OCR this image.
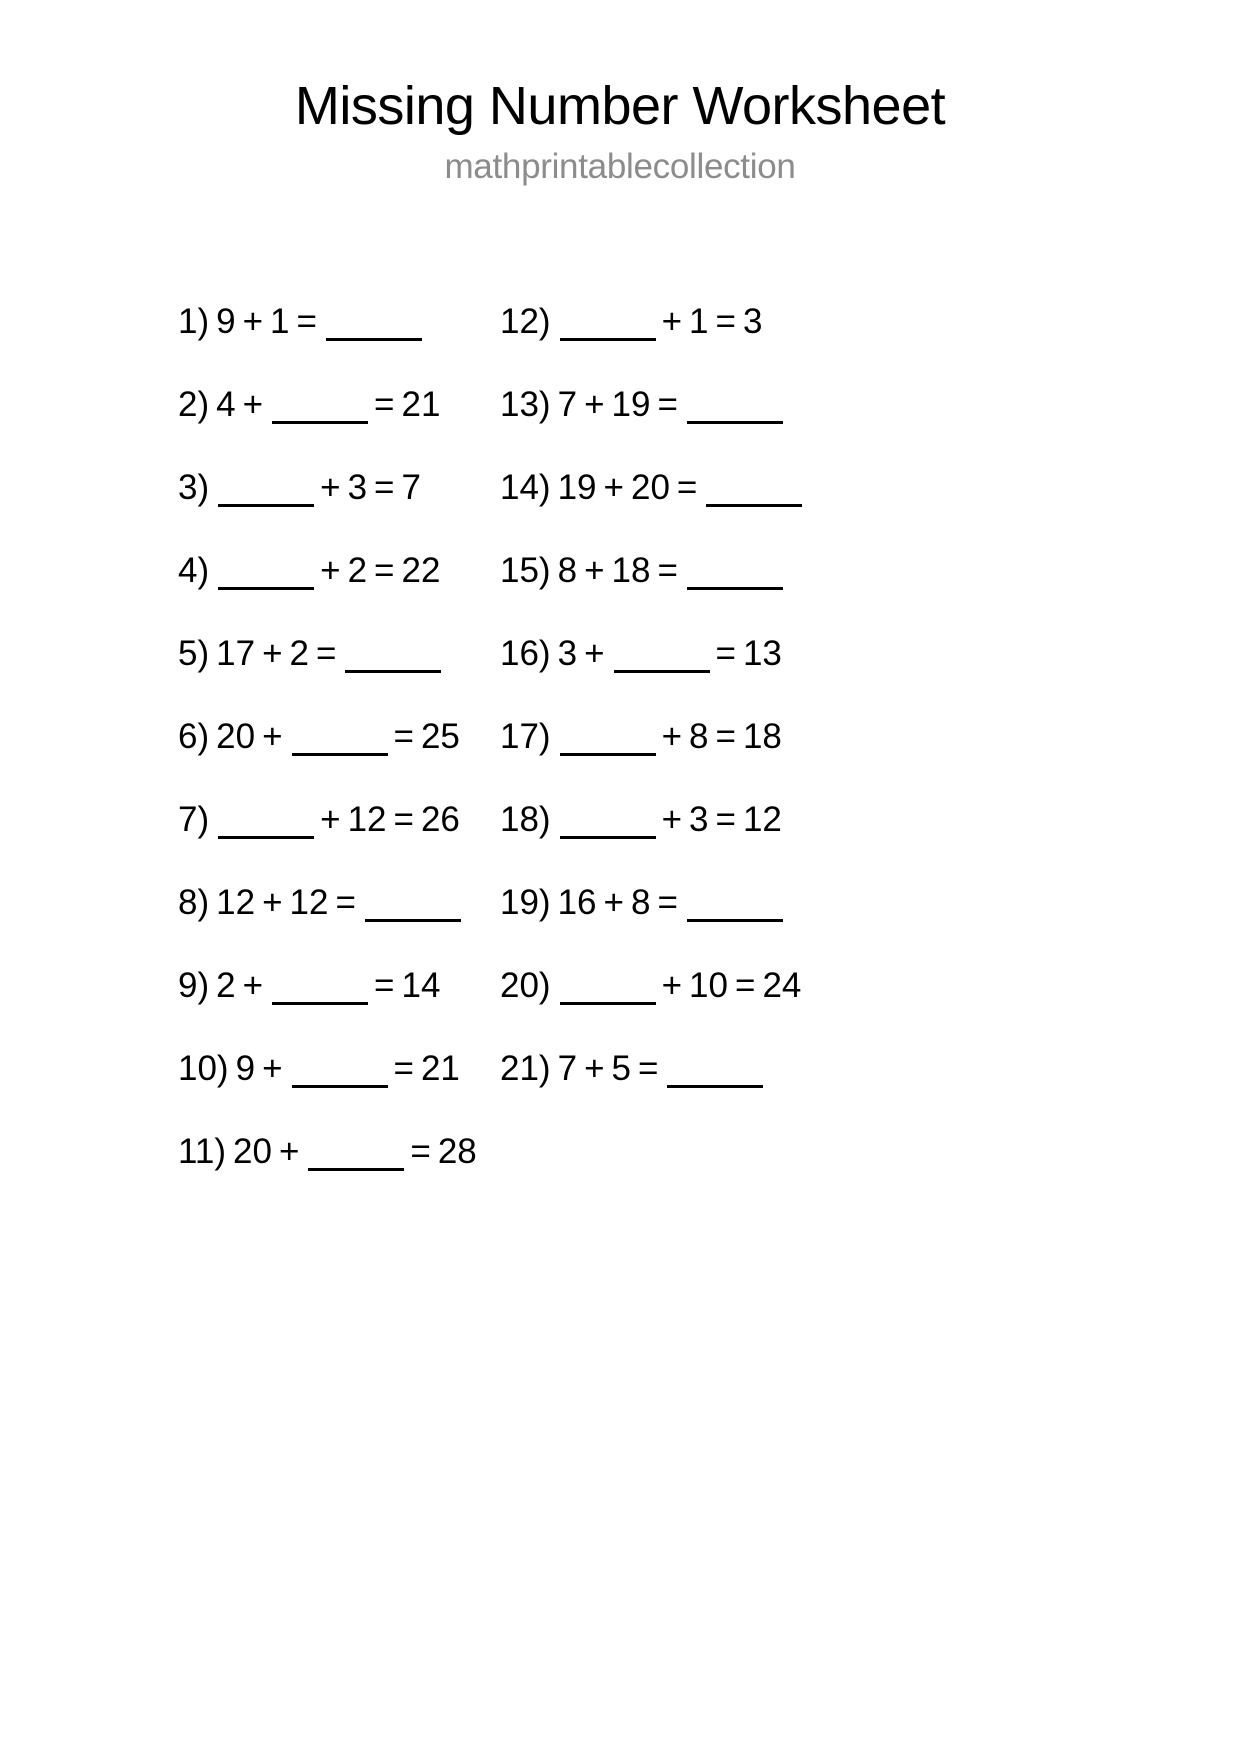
Missing Number Worksheet

mathprintablecollection

1) 9 + 1 =
2) 4 +	= 21
3)	+ 3 = 7
4)	+ 2 = 22
5) 17 + 2 =
6) 20 +	= 25
7)	+ 12 = 26
8) 12 + 12 =
9) 2 +	= 14
10) 9 +	= 21
11) 20 +	= 28
12)	+ 1 = 3
13) 7 + 19 =
14) 19 + 20 =
15) 8 + 18 =
16) 3 +	= 13
17)	+ 8 = 18
18)	+ 3 = 12
19) 16 + 8 =
20)	+ 10 = 24
21) 7 + 5 =
